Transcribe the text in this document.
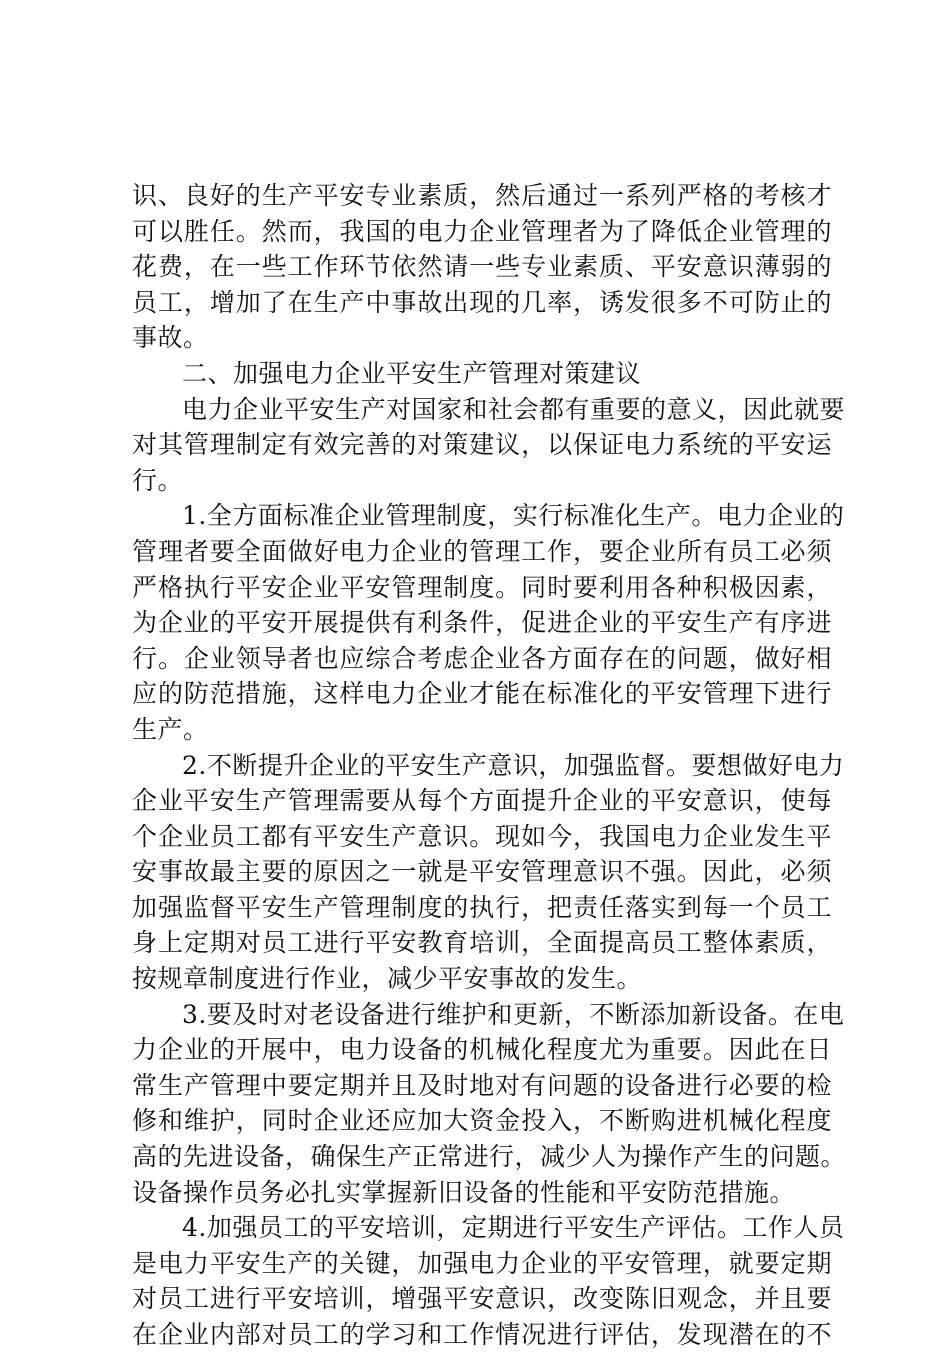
识、良好的生产平安专业素质，然后通过一系列严格的考核才
可以胜任。然而，我国的电力企业管理者为了降低企业管理的
花费，在一些工作环节依然请一些专业素质、平安意识薄弱的
员工，增加了在生产中事故出现的几率，诱发很多不可防止的
事故。
二、加强电力企业平安生产管理对策建议
电力企业平安生产对国家和社会都有重要的意义，因此就要
对其管理制定有效完善的对策建议，以保证电力系统的平安运
行。
1.全方面标准企业管理制度，实行标准化生产。电力企业的
管理者要全面做好电力企业的管理工作，要企业所有员工必须
严格执行平安企业平安管理制度。同时要利用各种积极因素，
为企业的平安开展提供有利条件，促进企业的平安生产有序进
行。企业领导者也应综合考虑企业各方面存在的问题，做好相
应的防范措施，这样电力企业才能在标准化的平安管理下进行
生产。
2.不断提升企业的平安生产意识，加强监督。要想做好电力
企业平安生产管理需要从每个方面提升企业的平安意识，使每
个企业员工都有平安生产意识。现如今，我国电力企业发生平
安事故最主要的原因之一就是平安管理意识不强。因此，必须
加强监督平安生产管理制度的执行，把责任落实到每一个员工
身上定期对员工进行平安教育培训，全面提高员工整体素质，
按规章制度进行作业，减少平安事故的发生。
3.要及时对老设备进行维护和更新，不断添加新设备。在电
力企业的开展中，电力设备的机械化程度尤为重要。因此在日
常生产管理中要定期并且及时地对有问题的设备进行必要的检
修和维护，同时企业还应加大资金投入，不断购进机械化程度
高的先进设备，确保生产正常进行，减少人为操作产生的问题。
设备操作员务必扎实掌握新旧设备的性能和平安防范措施。
4.加强员工的平安培训，定期进行平安生产评估。工作人员
是电力平安生产的关键，加强电力企业的平安管理，就要定期
对员工进行平安培训，增强平安意识，改变陈旧观念，并且要
在企业内部对员工的学习和工作情况进行评估，发现潜在的不
